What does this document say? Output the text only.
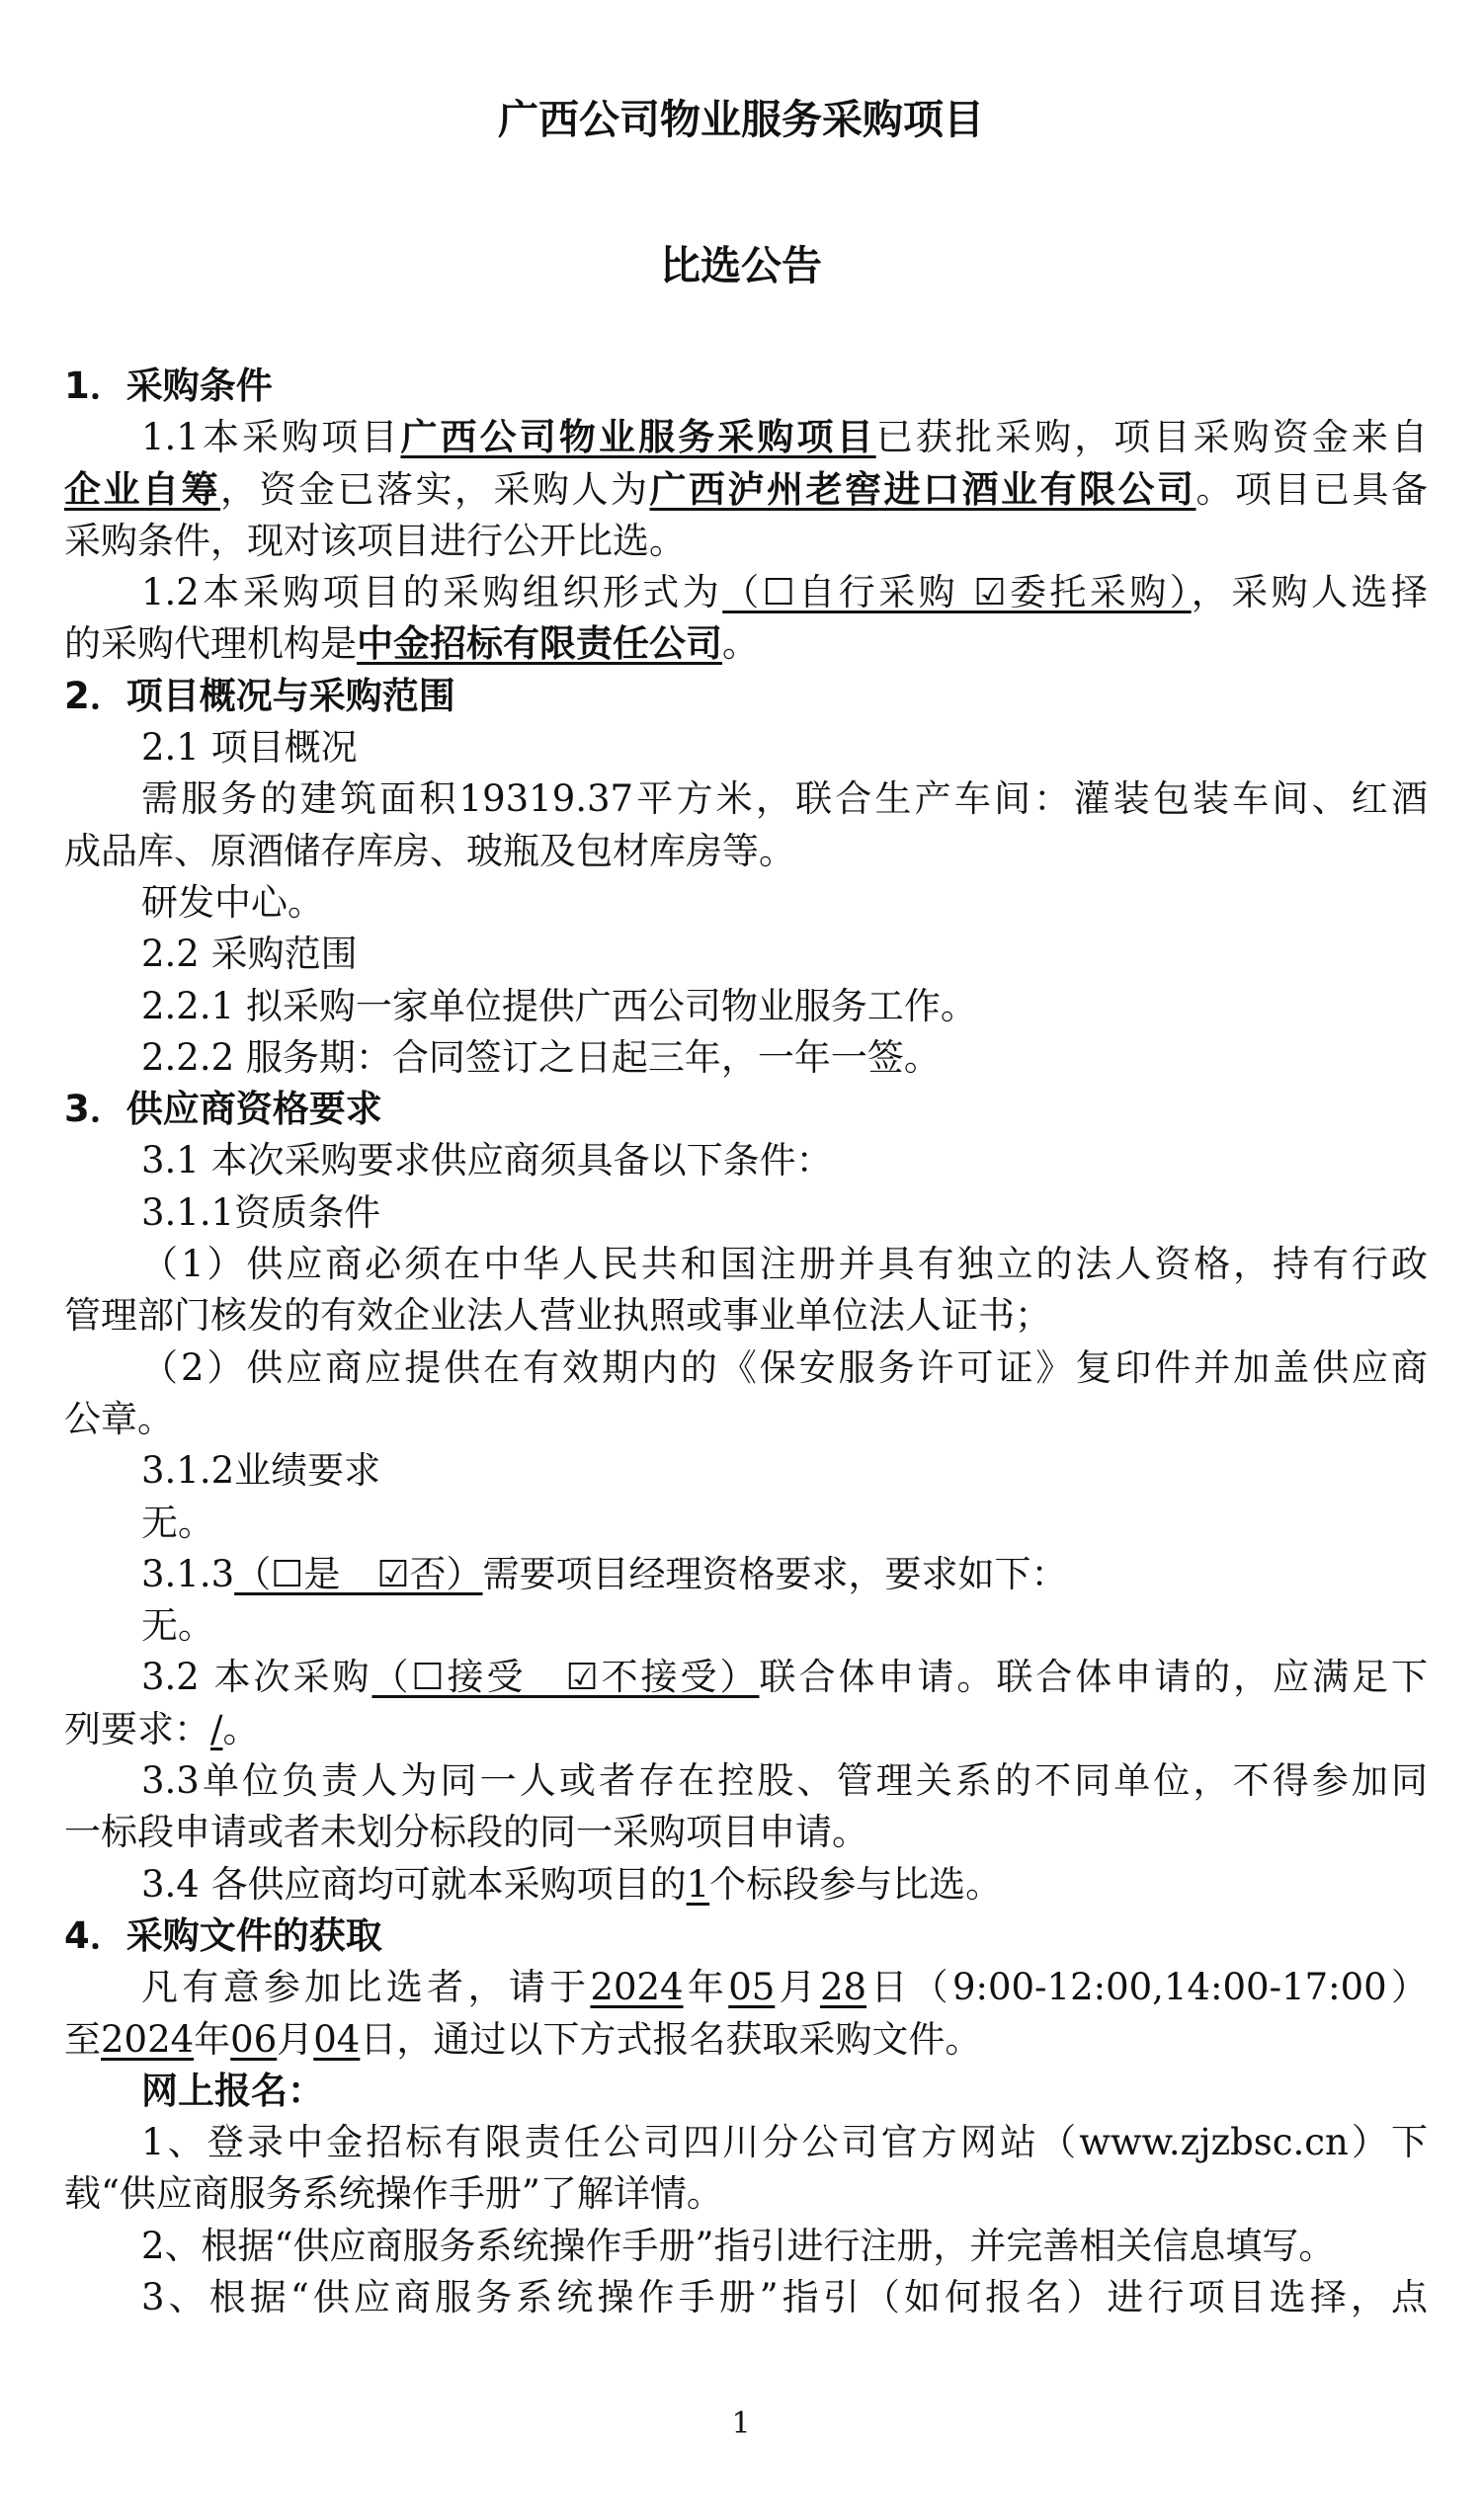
广西公司物业服务采购项目
比选公告
1．采购条件
1.1本采购项目广西公司物业服务采购项目已获批采购，项目采购资金来自
企业自筹，资金已落实，采购人为广西泸州老窖进口酒业有限公司。项目已具备
采购条件，现对该项目进行公开比选。
1.2本采购项目的采购组织形式为（☐自行采购 ☑委托采购），采购人选择
的采购代理机构是中金招标有限责任公司。
2．项目概况与采购范围
2.1 项目概况
需服务的建筑面积19319.37平方米，联合生产车间：灌装包装车间、红酒
成品库、原酒储存库房、玻瓶及包材库房等。
研发中心。
2.2 采购范围
2.2.1 拟采购一家单位提供广西公司物业服务工作。
2.2.2 服务期：合同签订之日起三年，一年一签。
3．供应商资格要求
3.1 本次采购要求供应商须具备以下条件：
3.1.1资质条件
（1）供应商必须在中华人民共和国注册并具有独立的法人资格，持有行政
管理部门核发的有效企业法人营业执照或事业单位法人证书；
（2）供应商应提供在有效期内的《保安服务许可证》复印件并加盖供应商
公章。
3.1.2业绩要求
无。
3.1.3（☐是　☑否）需要项目经理资格要求，要求如下：
无。
3.2 本次采购（☐接受　☑不接受）联合体申请。联合体申请的，应满足下
列要求：/。
3.3单位负责人为同一人或者存在控股、管理关系的不同单位，不得参加同
一标段申请或者未划分标段的同一采购项目申请。
3.4 各供应商均可就本采购项目的1个标段参与比选。
4．采购文件的获取
凡有意参加比选者，请于2024年05月28日（9:00-12:00,14:00-17:00）
至2024年06月04日，通过以下方式报名获取采购文件。
网上报名：
1、登录中金招标有限责任公司四川分公司官方网站（www.zjzbsc.cn）下
载“供应商服务系统操作手册”了解详情。
2、根据“供应商服务系统操作手册”指引进行注册，并完善相关信息填写。
3、根据“供应商服务系统操作手册”指引（如何报名）进行项目选择，点
1
